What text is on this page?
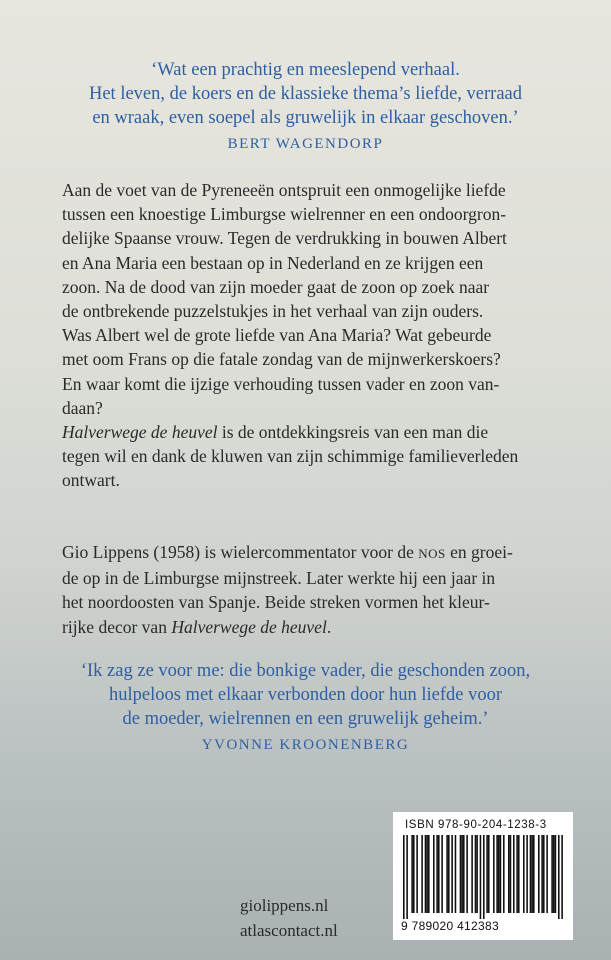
‘Wat een prachtig en meeslepend verhaal.

Het leven, de koers en de klassieke thema’s liefde, verraad

en wraak, even soepel als gruwelijk in elkaar geschoven.’

BERT WAGENDORP

Aan de voet van de Pyreneeën ontspruit een onmogelijke liefde

tussen een knoestige Limburgse wielrenner en een ondoorgron-

delijke Spaanse vrouw. Tegen de verdrukking in bouwen Albert

en Ana Maria een bestaan op in Nederland en ze krijgen een

zoon. Na de dood van zijn moeder gaat de zoon op zoek naar

de ontbrekende puzzelstukjes in het verhaal van zijn ouders.

Was Albert wel de grote liefde van Ana Maria? Wat gebeurde

met oom Frans op die fatale zondag van de mijnwerkerskoers?

En waar komt die ijzige verhouding tussen vader en zoon van-

daan?

Halverwege de heuvel is de ontdekkingsreis van een man die

tegen wil en dank de kluwen van zijn schimmige familieverleden

ontwart.

Gio Lippens (1958) is wielercommentator voor de NOS en groei-

de op in de Limburgse mijnstreek. Later werkte hij een jaar in

het noordoosten van Spanje. Beide streken vormen het kleur-

rijke decor van Halverwege de heuvel.

‘Ik zag ze voor me: die bonkige vader, die geschonden zoon,

hulpeloos met elkaar verbonden door hun liefde voor

de moeder, wielrennen en een gruwelijk geheim.’

YVONNE KROONENBERG
giolippens.nl
atlascontact.nl
ISBN 978-90-204-1238-3
9 789020 412383
